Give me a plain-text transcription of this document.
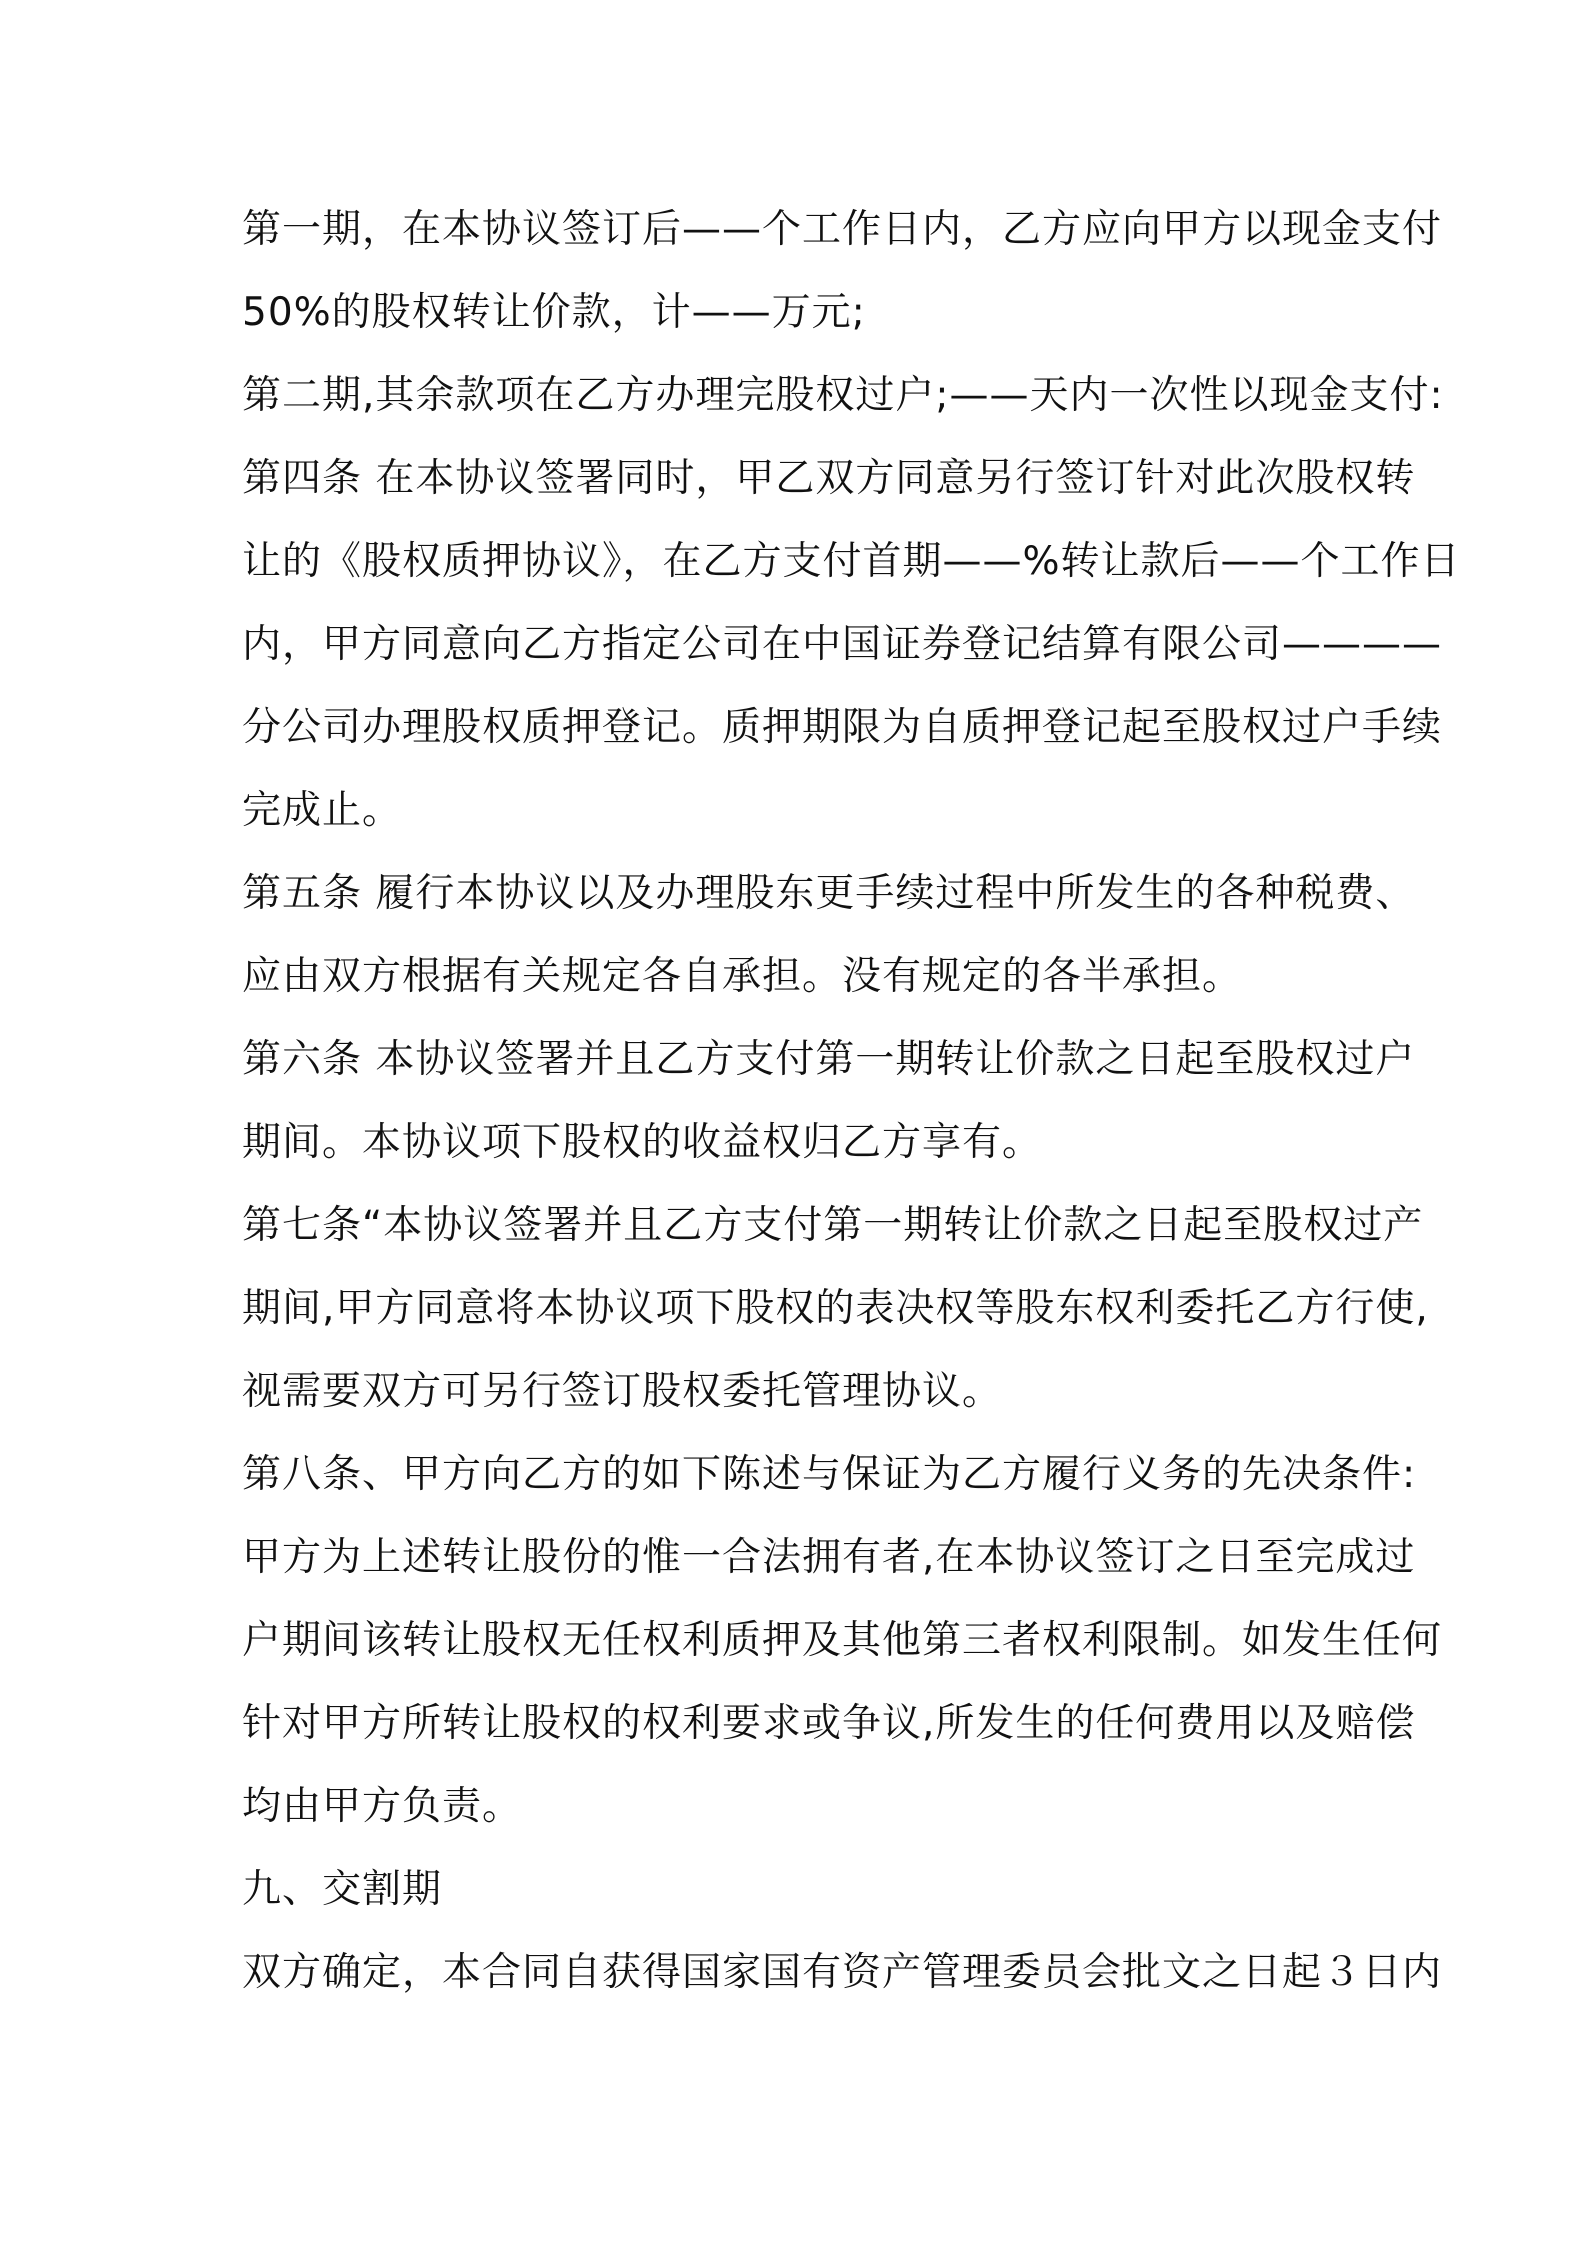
第一期，在本协议签订后——个工作日内，乙方应向甲方以现金支付
50%的股权转让价款，计——万元;
第二期,其余款项在乙方办理完股权过户;——天内一次性以现金支付:
第四条 在本协议签署同时，甲乙双方同意另行签订针对此次股权转
让的《股权质押协议》，在乙方支付首期——%转让款后——个工作日
内，甲方同意向乙方指定公司在中国证券登记结算有限公司————
分公司办理股权质押登记。质押期限为自质押登记起至股权过户手续
完成止。
第五条 履行本协议以及办理股东更手续过程中所发生的各种税费、
应由双方根据有关规定各自承担。没有规定的各半承担。
第六条 本协议签署并且乙方支付第一期转让价款之日起至股权过户
期间。本协议项下股权的收益权归乙方享有。
第七条“本协议签署并且乙方支付第一期转让价款之日起至股权过产
期间,甲方同意将本协议项下股权的表决权等股东权利委托乙方行使,
视需要双方可另行签订股权委托管理协议。
第八条、甲方向乙方的如下陈述与保证为乙方履行义务的先决条件:
甲方为上述转让股份的惟一合法拥有者,在本协议签订之日至完成过
户期间该转让股权无任权利质押及其他第三者权利限制。如发生任何
针对甲方所转让股权的权利要求或争议,所发生的任何费用以及赔偿
均由甲方负责。
九、交割期
双方确定，本合同自获得国家国有资产管理委员会批文之日起３日内
